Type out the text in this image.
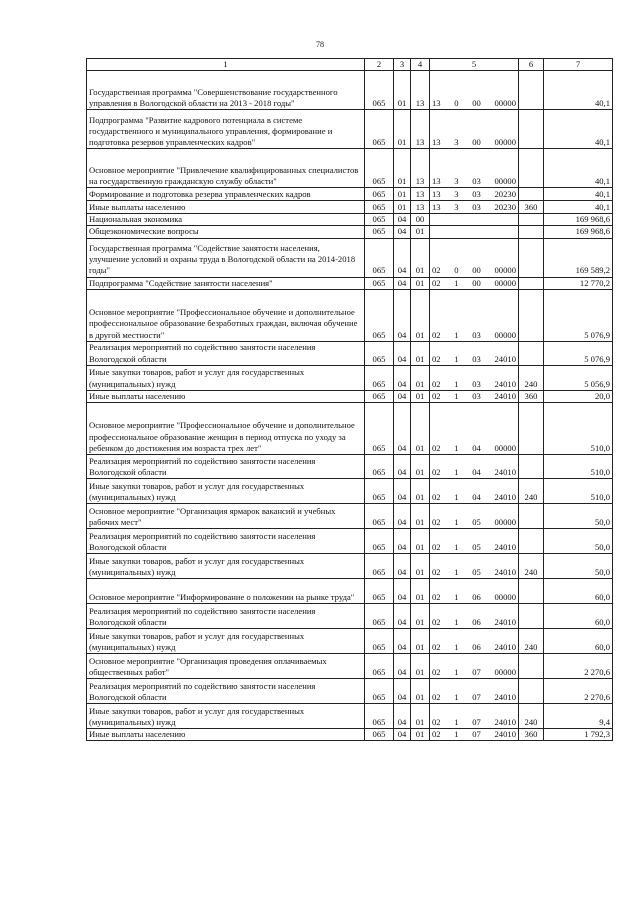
78
1	2	3	4	5	6	7
Государственная программа "Совершенствование государственного управления в Вологодской области на 2013 - 2018 годы"	065	01	13	13 0 00 00000		40,1
Подпрограмма "Развитие кадрового потенциала в системе государственного и муниципального управления, формирование и подготовка резервов управленческих кадров"	065	01	13	13 3 00 00000		40,1
Основное мероприятие "Привлечение квалифицированных специалистов на государственную гражданскую службу области"	065	01	13	13 3 03 00000		40,1
Формирование и подготовка резерва управленческих кадров	065	01	13	13 3 03 20230		40,1
Иные выплаты населению	065	01	13	13 3 03 20230	360	40,1
Национальная экономика	065	04	00			169 968,6
Общеэкономические вопросы	065	04	01			169 968,6
Государственная программа "Содействие занятости населения, улучшение условий и охраны труда в Вологодской области на 2014-2018 годы"	065	04	01	02 0 00 00000		169 589,2
Подпрограмма "Содействие занятости населения"	065	04	01	02 1 00 00000		12 770,2
Основное мероприятие "Профессиональное обучение и дополнительное профессиональное образование безработных граждан, включая обучение в другой местности"	065	04	01	02 1 03 00000		5 076,9
Реализация мероприятий по содействию занятости населения Вологодской области	065	04	01	02 1 03 24010		5 076,9
Иные закупки товаров, работ и услуг для государственных (муниципальных) нужд	065	04	01	02 1 03 24010	240	5 056,9
Иные выплаты населению	065	04	01	02 1 03 24010	360	20,0
Основное мероприятие "Профессиональное обучение и дополнительное профессиональное образование женщин в период отпуска по уходу за ребенком до достижения им возраста трех лет"	065	04	01	02 1 04 00000		510,0
Реализация мероприятий по содействию занятости населения Вологодской области	065	04	01	02 1 04 24010		510,0
Иные закупки товаров, работ и услуг для государственных (муниципальных) нужд	065	04	01	02 1 04 24010	240	510,0
Основное мероприятие "Организация ярмарок вакансий и учебных рабочих мест"	065	04	01	02 1 05 00000		50,0
Реализация мероприятий по содействию занятости населения Вологодской области	065	04	01	02 1 05 24010		50,0
Иные закупки товаров, работ и услуг для государственных (муниципальных) нужд	065	04	01	02 1 05 24010	240	50,0
Основное мероприятие "Информирование о положении на рынке труда"	065	04	01	02 1 06 00000		60,0
Реализация мероприятий по содействию занятости населения Вологодской области	065	04	01	02 1 06 24010		60,0
Иные закупки товаров, работ и услуг для государственных (муниципальных) нужд	065	04	01	02 1 06 24010	240	60,0
Основное мероприятие "Организация проведения оплачиваемых общественных работ"	065	04	01	02 1 07 00000		2 270,6
Реализация мероприятий по содействию занятости населения Вологодской области	065	04	01	02 1 07 24010		2 270,6
Иные закупки товаров, работ и услуг для государственных (муниципальных) нужд	065	04	01	02 1 07 24010	240	9,4
Иные выплаты населению	065	04	01	02 1 07 24010	360	1 792,3
